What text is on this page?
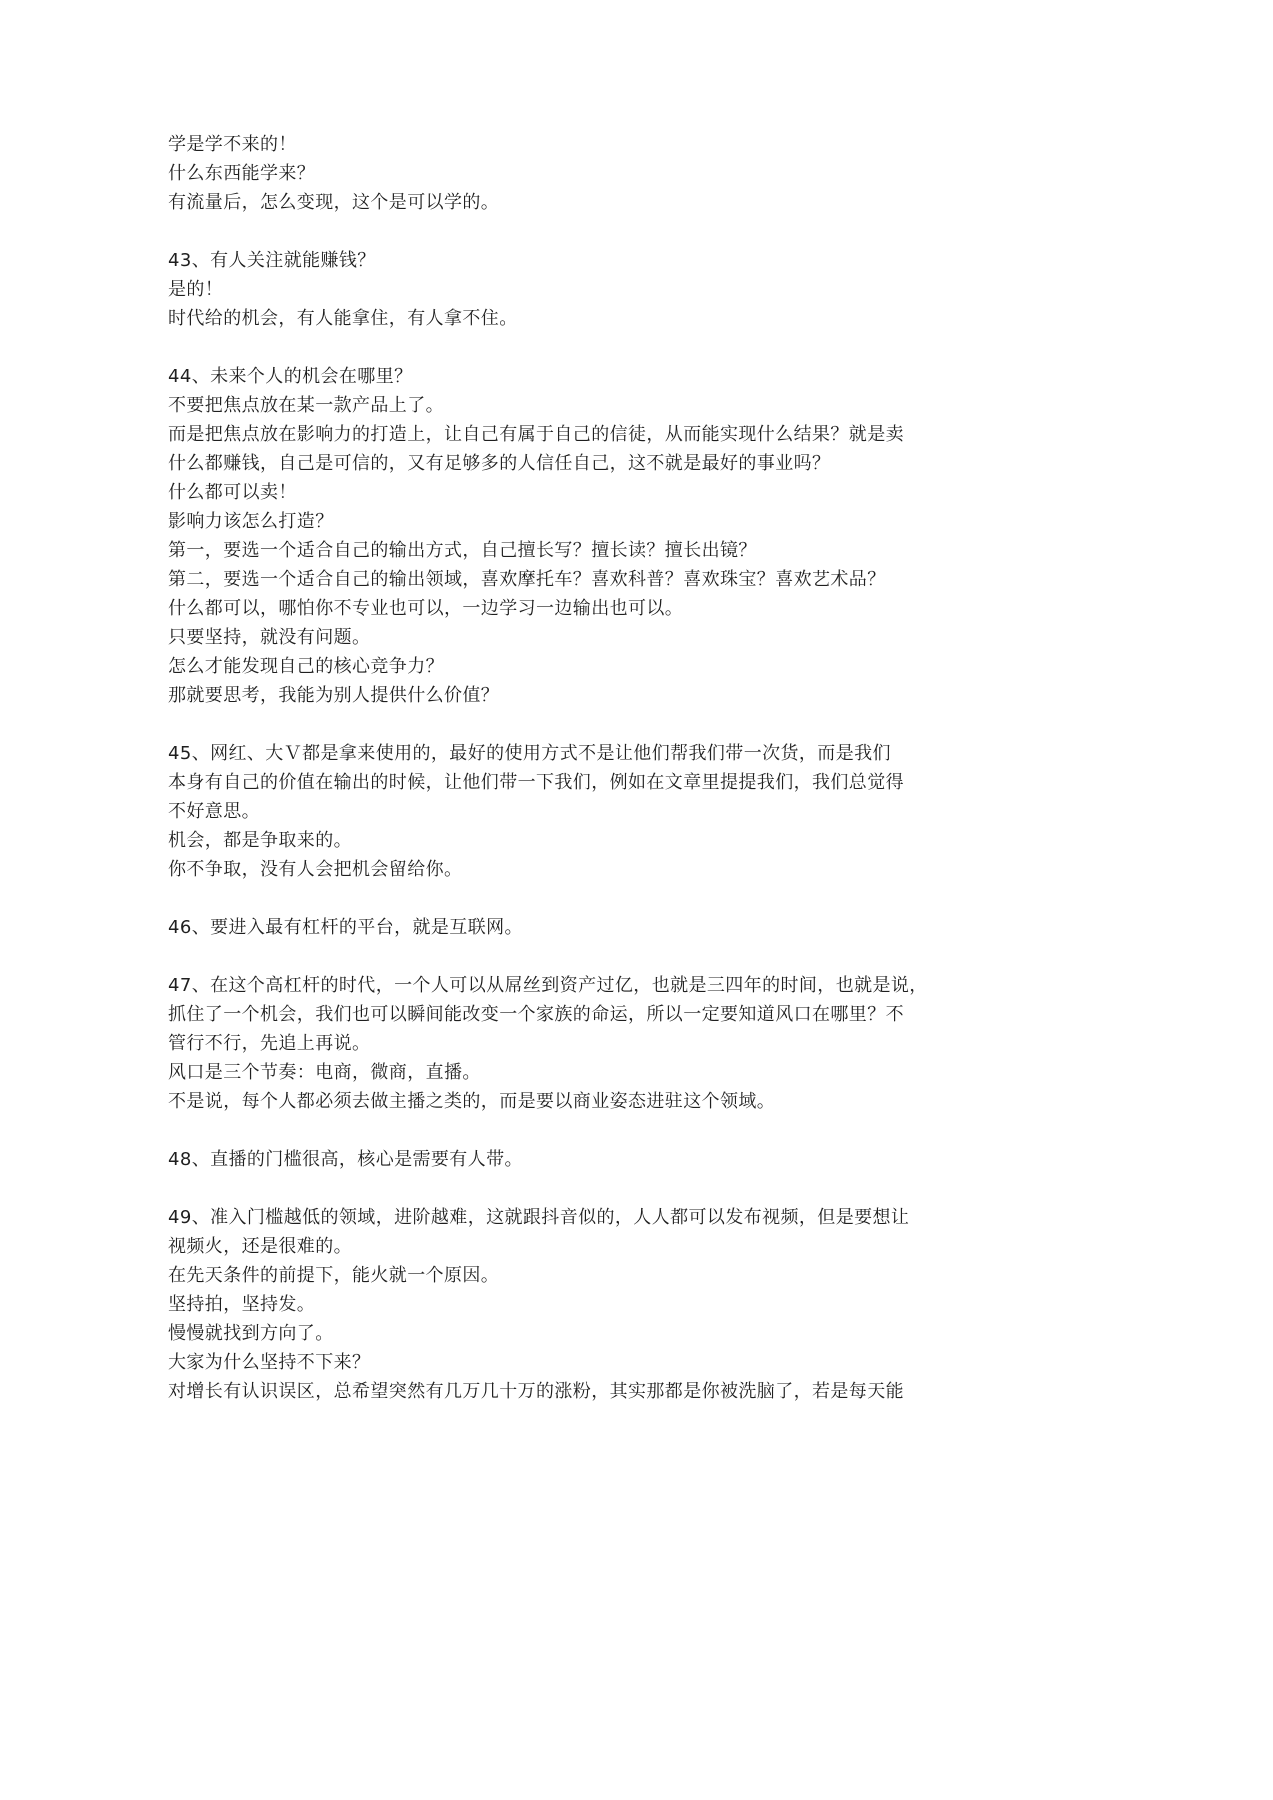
学是学不来的！
什么东西能学来？
有流量后，怎么变现，这个是可以学的。
43、有人关注就能赚钱？
是的！
时代给的机会，有人能拿住，有人拿不住。
44、未来个人的机会在哪里？
不要把焦点放在某一款产品上了。
而是把焦点放在影响力的打造上，让自己有属于自己的信徒，从而能实现什么结果？就是卖
什么都赚钱，自己是可信的，又有足够多的人信任自己，这不就是最好的事业吗？
什么都可以卖！
影响力该怎么打造？
第一，要选一个适合自己的输出方式，自己擅长写？擅长读？擅长出镜？
第二，要选一个适合自己的输出领域，喜欢摩托车？喜欢科普？喜欢珠宝？喜欢艺术品？
什么都可以，哪怕你不专业也可以，一边学习一边输出也可以。
只要坚持，就没有问题。
怎么才能发现自己的核心竞争力？
那就要思考，我能为别人提供什么价值？
45、网红、大Ｖ都是拿来使用的，最好的使用方式不是让他们帮我们带一次货，而是我们
本身有自己的价值在输出的时候，让他们带一下我们，例如在文章里提提我们，我们总觉得
不好意思。
机会，都是争取来的。
你不争取，没有人会把机会留给你。
46、要进入最有杠杆的平台，就是互联网。
47、在这个高杠杆的时代，一个人可以从屌丝到资产过亿，也就是三四年的时间，也就是说，
抓住了一个机会，我们也可以瞬间能改变一个家族的命运，所以一定要知道风口在哪里？不
管行不行，先追上再说。
风口是三个节奏：电商，微商，直播。
不是说，每个人都必须去做主播之类的，而是要以商业姿态进驻这个领域。
48、直播的门槛很高，核心是需要有人带。
49、准入门槛越低的领域，进阶越难，这就跟抖音似的，人人都可以发布视频，但是要想让
视频火，还是很难的。
在先天条件的前提下，能火就一个原因。
坚持拍，坚持发。
慢慢就找到方向了。
大家为什么坚持不下来？
对增长有认识误区，总希望突然有几万几十万的涨粉，其实那都是你被洗脑了，若是每天能
